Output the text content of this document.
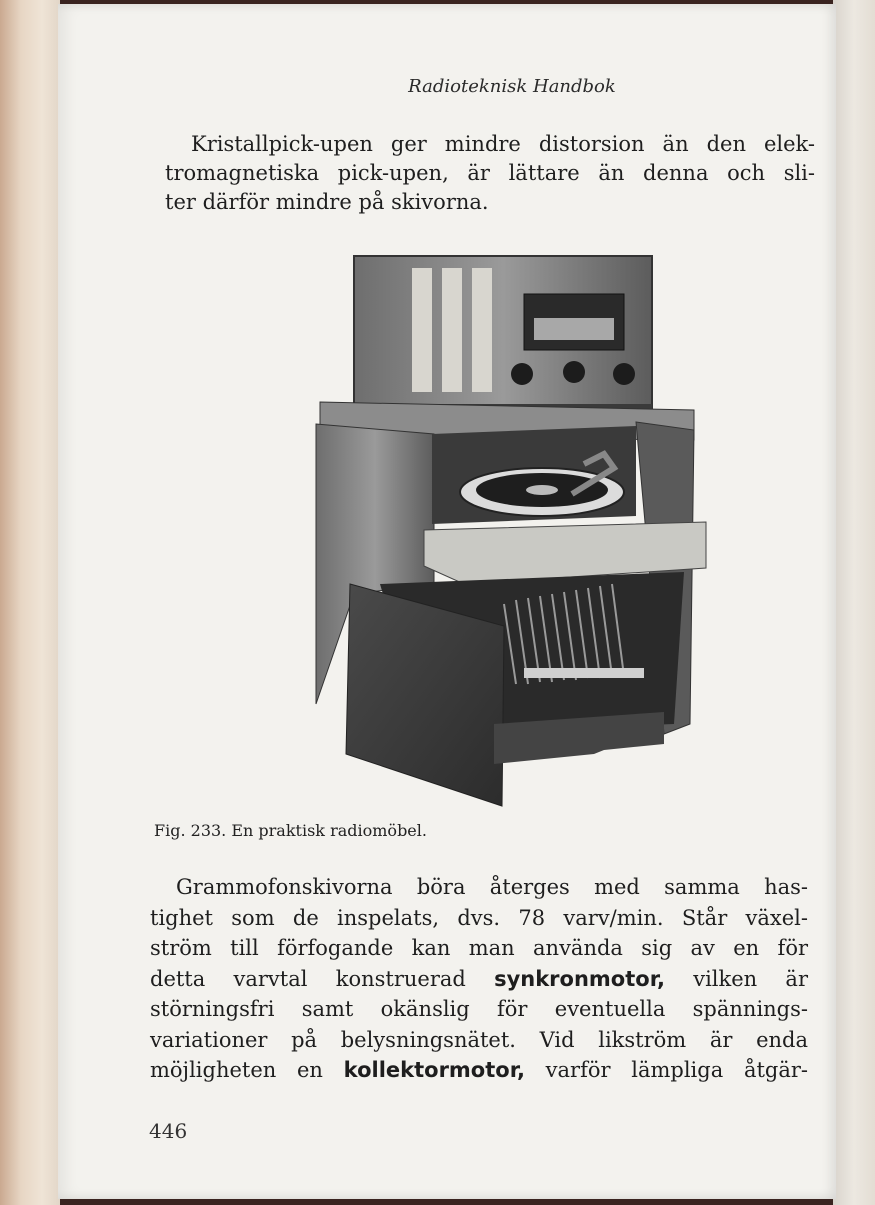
Radioteknisk Handbok
Kristallpick-upen ger mindre distorsion än den elek-
tromagnetiska pick-upen, är lättare än denna och sli-
ter därför mindre på skivorna.
Fig. 233. En praktisk radiomöbel.
Grammofonskivorna böra återges med samma has-
tighet som de inspelats, dvs. 78 varv/min. Står växel-
ström till förfogande kan man använda sig av en för
detta varvtal konstruerad synkronmotor, vilken är
störningsfri samt okänslig för eventuella spännings-
variationer på belysningsnätet. Vid likström är enda
möjligheten en kollektormotor, varför lämpliga åtgär-
446
